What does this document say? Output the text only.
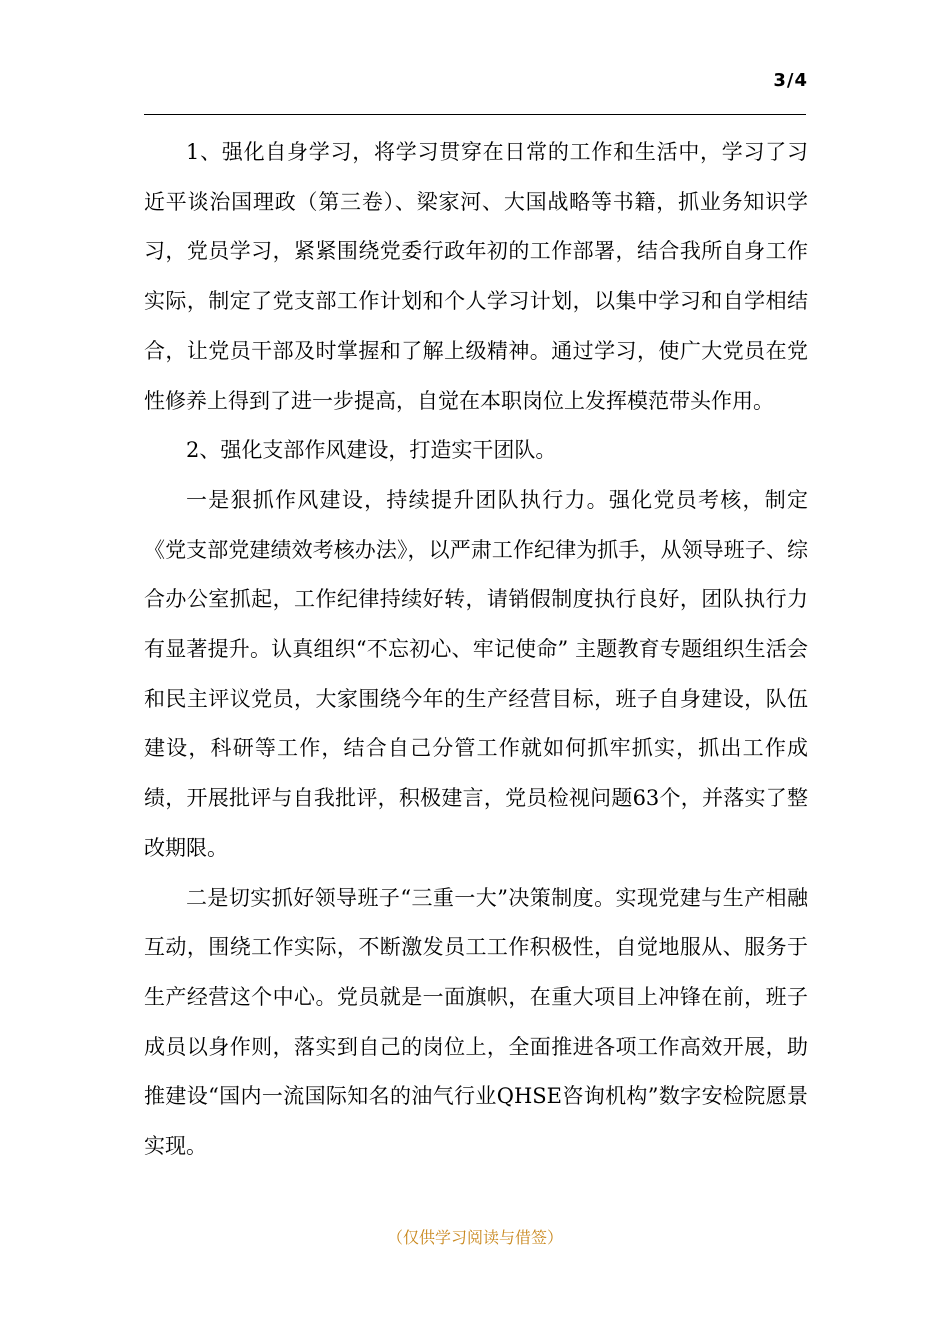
3/4

1、强化自身学习，将学习贯穿在日常的工作和生活中，学习了习近平谈治国理政（第三卷）、梁家河、大国战略等书籍，抓业务知识学习，党员学习，紧紧围绕党委行政年初的工作部署，结合我所自身工作实际，制定了党支部工作计划和个人学习计划，以集中学习和自学相结合，让党员干部及时掌握和了解上级精神。通过学习，使广大党员在党性修养上得到了进一步提高，自觉在本职岗位上发挥模范带头作用。

2、强化支部作风建设，打造实干团队。

一是狠抓作风建设，持续提升团队执行力。强化党员考核，制定《党支部党建绩效考核办法》，以严肃工作纪律为抓手，从领导班子、综合办公室抓起，工作纪律持续好转，请销假制度执行良好，团队执行力有显著提升。认真组织“不忘初心、牢记使命” 主题教育专题组织生活会和民主评议党员，大家围绕今年的生产经营目标，班子自身建设，队伍建设，科研等工作，结合自己分管工作就如何抓牢抓实，抓出工作成绩，开展批评与自我批评，积极建言，党员检视问题63个，并落实了整改期限。

二是切实抓好领导班子“三重一大”决策制度。实现党建与生产相融互动，围绕工作实际，不断激发员工工作积极性，自觉地服从、服务于生产经营这个中心。党员就是一面旗帜，在重大项目上冲锋在前，班子成员以身作则，落实到自己的岗位上，全面推进各项工作高效开展，助推建设“国内一流国际知名的油气行业QHSE咨询机构”数字安检院愿景实现。

（仅供学习阅读与借签）
